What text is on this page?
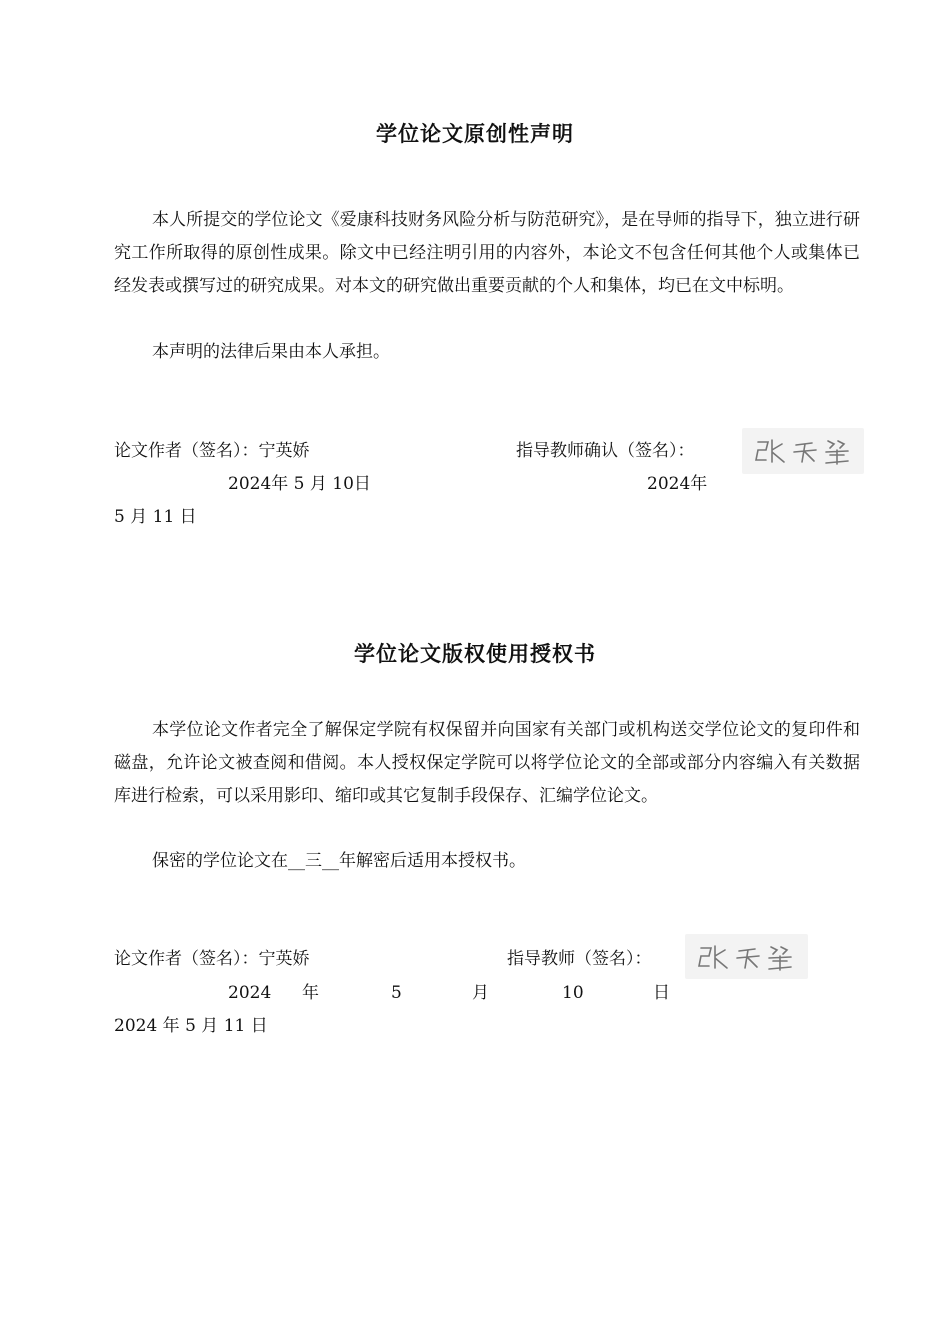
学位论文原创性声明
本人所提交的学位论文《爱康科技财务风险分析与防范研究》，是在导师的指导下，独立进行研究工作所取得的原创性成果。除文中已经注明引用的内容外，本论文不包含任何其他个人或集体已经发表或撰写过的研究成果。对本文的研究做出重要贡献的个人和集体，均已在文中标明。
本声明的法律后果由本人承担。
论文作者（签名）：宁英娇	指导教师确认（签名）：
2024年 5 月 10日	2024年
5 月 11 日
学位论文版权使用授权书
本学位论文作者完全了解保定学院有权保留并向国家有关部门或机构送交学位论文的复印件和磁盘，允许论文被查阅和借阅。本人授权保定学院可以将学位论文的全部或部分内容编入有关数据库进行检索，可以采用影印、缩印或其它复制手段保存、汇编学位论文。
保密的学位论文在__三__年解密后适用本授权书。
论文作者（签名）：宁英娇	指导教师（签名）：
2024 年	5	月	10	日
2024 年 5 月 11 日
